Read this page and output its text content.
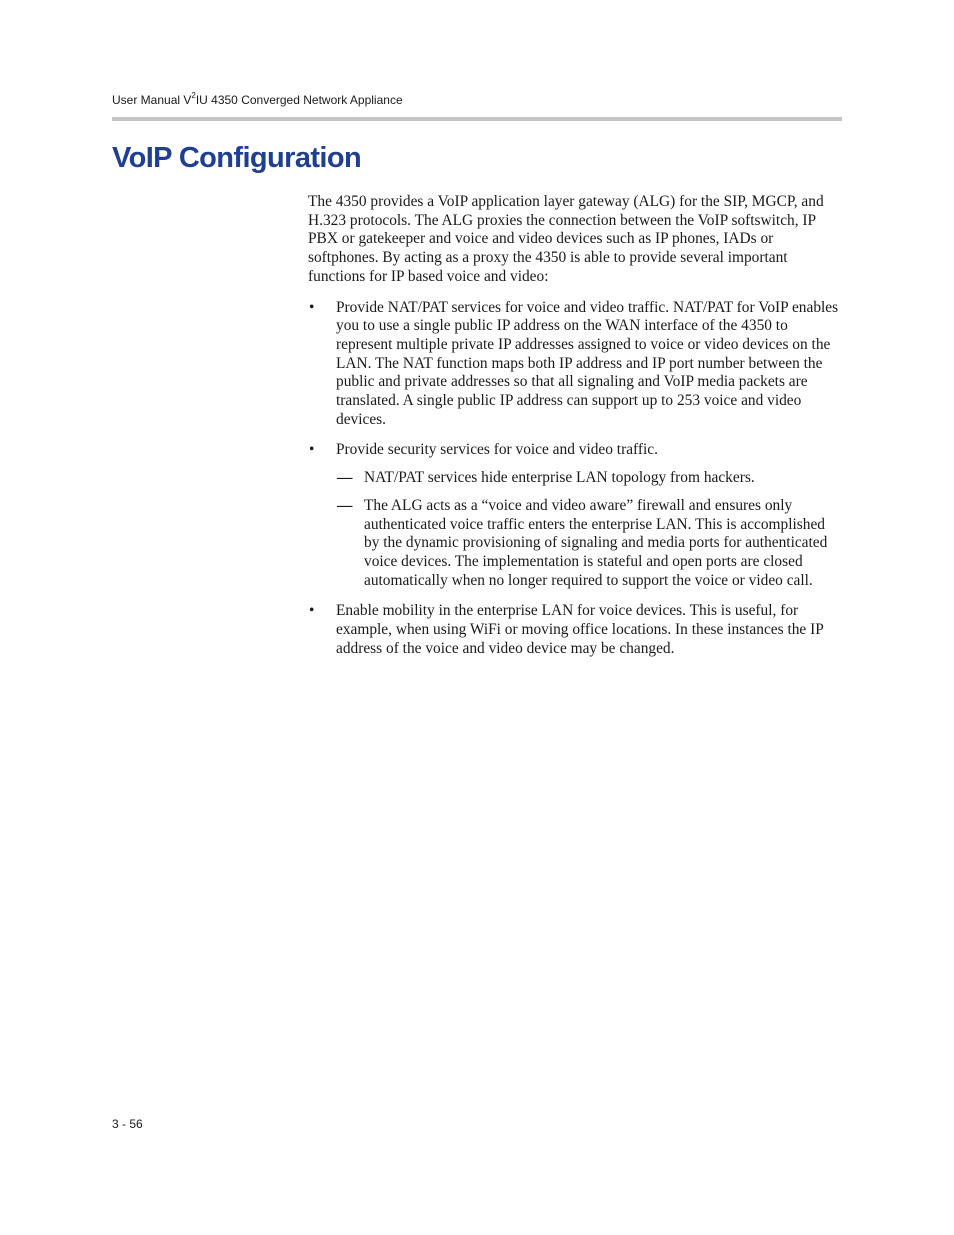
User Manual $V^2IU$ 4350 Converged Network Appliance
VoIP Configuration

The 4350 provides a VoIP application layer gateway (ALG) for the SIP, MGCP, and H.323 protocols. The ALG proxies the connection between the VoIP softswitch, IP PBX or gatekeeper and voice and video devices such as IP phones, IADs or softphones. By acting as a proxy the 4350 is able to provide several important functions for IP based voice and video:

• Provide NAT/PAT services for voice and video traffic. NAT/PAT for VoIP enables you to use a single public IP address on the WAN interface of the 4350 to represent multiple private IP addresses assigned to voice or video devices on the LAN. The NAT function maps both IP address and IP port number between the public and private addresses so that all signaling and VoIP media packets are translated. A single public IP address can support up to 253 voice and video devices.
• Provide security services for voice and video traffic.
— NAT/PAT services hide enterprise LAN topology from hackers.
— The ALG acts as a “voice and video aware” firewall and ensures only authenticated voice traffic enters the enterprise LAN. This is accomplished by the dynamic provisioning of signaling and media ports for authenticated voice devices. The implementation is stateful and open ports are closed automatically when no longer required to support the voice or video call.
• Enable mobility in the enterprise LAN for voice devices. This is useful, for example, when using WiFi or moving office locations. In these instances the IP address of the voice and video device may be changed.
3 - 56
